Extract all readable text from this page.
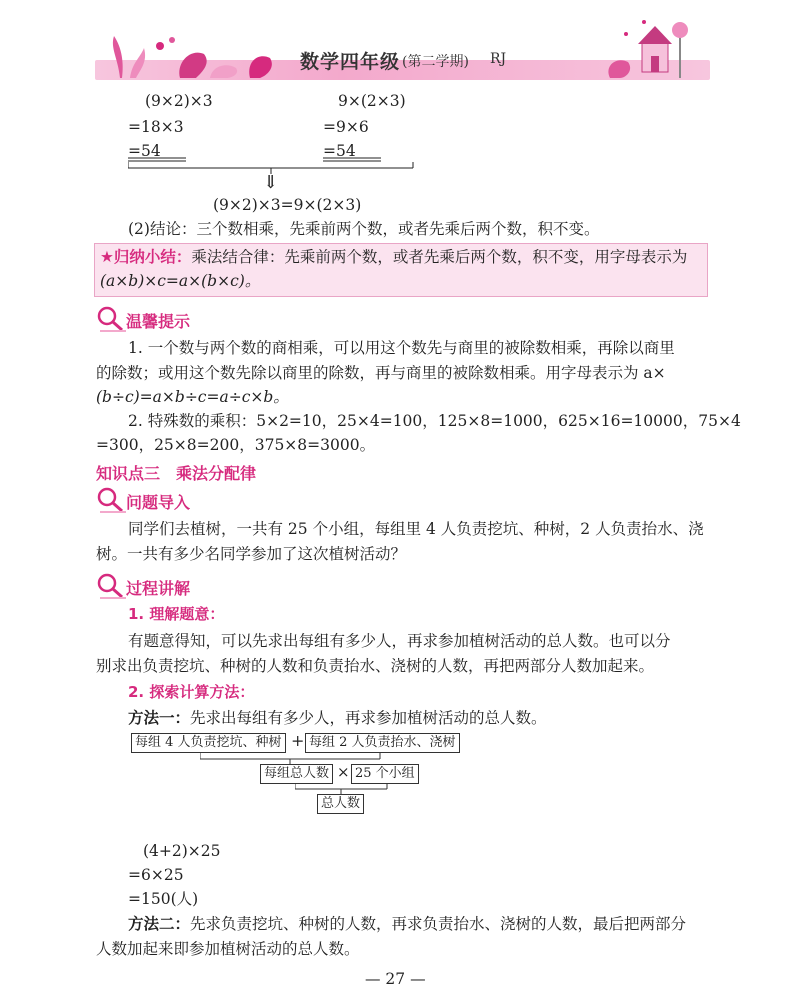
数学四年级 (第二学期) RJ
(9×2)×3
=18×3
=54
9×(2×3)
=9×6
=54
⇓
(9×2)×3=9×(2×3)
(2)结论：三个数相乘，先乘前两个数，或者先乘后两个数，积不变。
★归纳小结：乘法结合律：先乘前两个数，或者先乘后两个数，积不变，用字母表示为
(a×b)×c=a×(b×c)。
温馨提示
1. 一个数与两个数的商相乘，可以用这个数先与商里的被除数相乘，再除以商里
的除数；或用这个数先除以商里的除数，再与商里的被除数相乘。用字母表示为 a×
(b÷c)=a×b÷c=a÷c×b。
2. 特殊数的乘积：5×2=10，25×4=100，125×8=1000，625×16=10000，75×4
=300，25×8=200，375×8=3000。
知识点三　乘法分配律
问题导入
同学们去植树，一共有 25 个小组，每组里 4 人负责挖坑、种树，2 人负责抬水、浇
树。一共有多少名同学参加了这次植树活动？
过程讲解
1. 理解题意：
有题意得知，可以先求出每组有多少人，再求参加植树活动的总人数。也可以分
别求出负责挖坑、种树的人数和负责抬水、浇树的人数，再把两部分人数加起来。
2. 探索计算方法：
方法一：先求出每组有多少人，再求参加植树活动的总人数。
每组 4 人负责挖坑、种树 + 每组 2 人负责抬水、浇树
每组总人数 × 25 个小组
总人数
(4+2)×25
=6×25
=150(人)
方法二：先求负责挖坑、种树的人数，再求负责抬水、浇树的人数，最后把两部分
人数加起来即参加植树活动的总人数。
— 27 —
